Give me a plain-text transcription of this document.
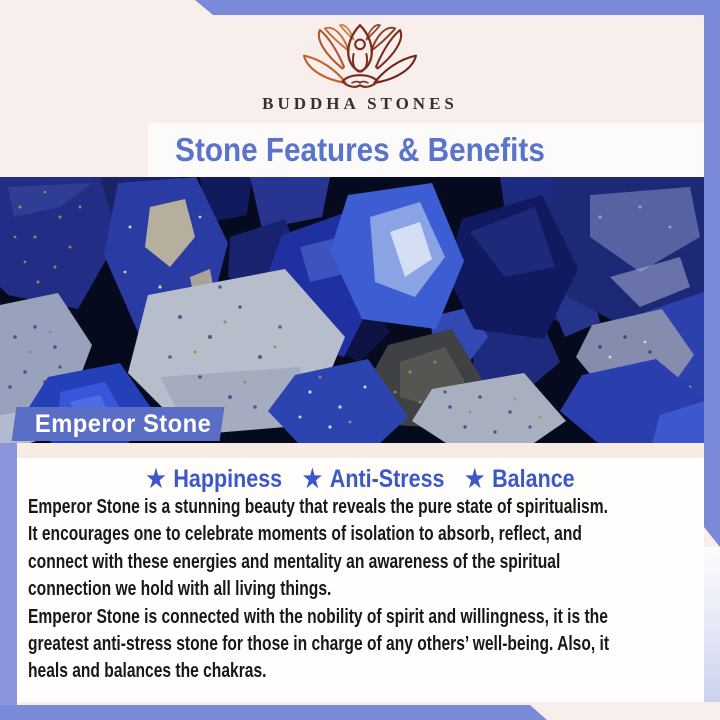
BUDDHA STONES
Stone Features & Benefits
Emperor Stone
★ Happiness ★ Anti-Stress ★ Balance
Emperor Stone is a stunning beauty that reveals the pure state of spiritualism.
It encourages one to celebrate moments of isolation to absorb, reflect, and
connect with these energies and mentality an awareness of the spiritual
connection we hold with all living things.
Emperor Stone is connected with the nobility of spirit and willingness, it is the
greatest anti-stress stone for those in charge of any others’ well-being. Also, it
heals and balances the chakras.
